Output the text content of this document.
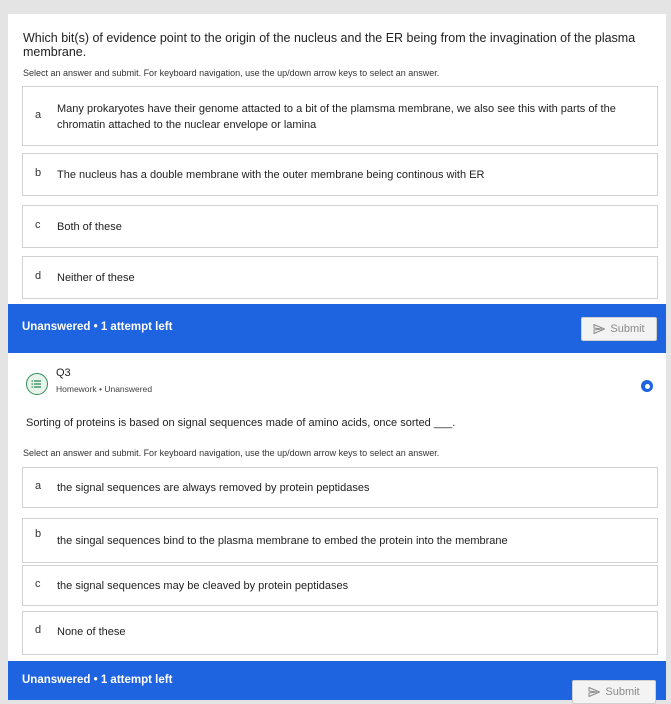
Which bit(s) of evidence point to the origin of the nucleus and the ER being from the invagination of the plasma membrane.
Select an answer and submit. For keyboard navigation, use the up/down arrow keys to select an answer.
a Many prokaryotes have their genome attacted to a bit of the plamsma membrane, we also see this with parts of the chromatin attached to the nuclear envelope or lamina
b The nucleus has a double membrane with the outer membrane being continous with ER
c Both of these
d Neither of these
Unanswered • 1 attempt left	Submit
Q3
Homework • Unanswered
Sorting of proteins is based on signal sequences made of amino acids, once sorted ___.
Select an answer and submit. For keyboard navigation, use the up/down arrow keys to select an answer.
a the signal sequences are always removed by protein peptidases
b
the singal sequences bind to the plasma membrane to embed the protein into the membrane
c the signal sequences may be cleaved by protein peptidases
d None of these
Unanswered • 1 attempt left
Submit
